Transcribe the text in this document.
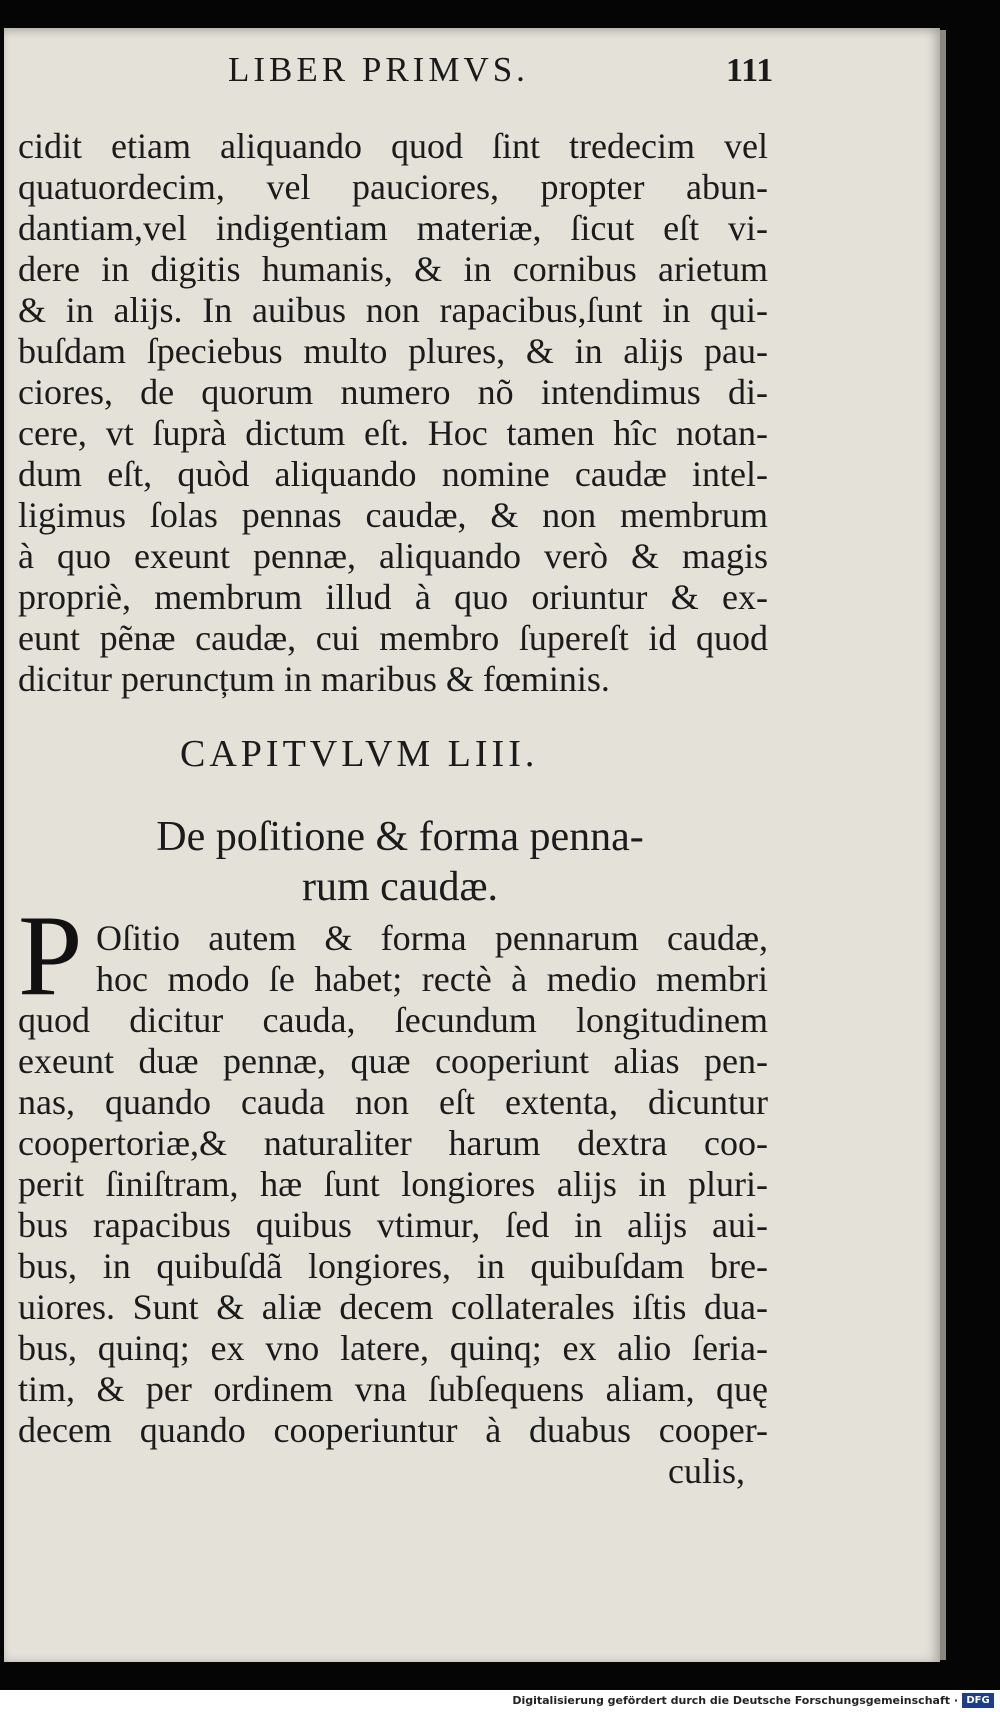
LIBER PRIMVS.	111
cidit etiam aliquando quod ſint tredecim vel
quatuordecim, vel pauciores, propter abun-
dantiam,vel indigentiam materiæ, ſicut eſt vi-
dere in digitis humanis, & in cornibus arietum
& in alijs. In auibus non rapacibus,ſunt in qui-
buſdam ſpeciebus multo plures, & in alijs pau-
ciores, de quorum numero nõ intendimus di-
cere, vt ſuprà dictum eſt. Hoc tamen hîc notan-
dum eſt, quòd aliquando nomine caudæ intel-
ligimus ſolas pennas caudæ, & non membrum
à quo exeunt pennæ, aliquando verò & magis
propriè, membrum illud à quo oriuntur & ex-
eunt pẽnæ caudæ, cui membro ſupereſt id quod
dicitur peruncțum in maribus & fœminis.
CAPITVLVM LIII.
De poſitione & forma penna-
rum caudæ.
P Oſitio autem & forma pennarum caudæ,
hoc modo ſe habet; rectè à medio membri
quod dicitur cauda, ſecundum longitudinem
exeunt duæ pennæ, quæ cooperiunt alias pen-
nas, quando cauda non eſt extenta, dicuntur
coopertoriæ,& naturaliter harum dextra coo-
perit ſiniſtram, hæ ſunt longiores alijs in pluri-
bus rapacibus quibus vtimur, ſed in alijs aui-
bus, in quibuſdã longiores, in quibuſdam bre-
uiores. Sunt & aliæ decem collaterales iſtis dua-
bus, quinq; ex vno latere, quinq; ex alio ſeria-
tim, & per ordinem vna ſubſequens aliam, quę
decem quando cooperiuntur à duabus cooper-
culis,
Digitalisierung gefördert durch die Deutsche Forschungsgemeinschaft · DFG
